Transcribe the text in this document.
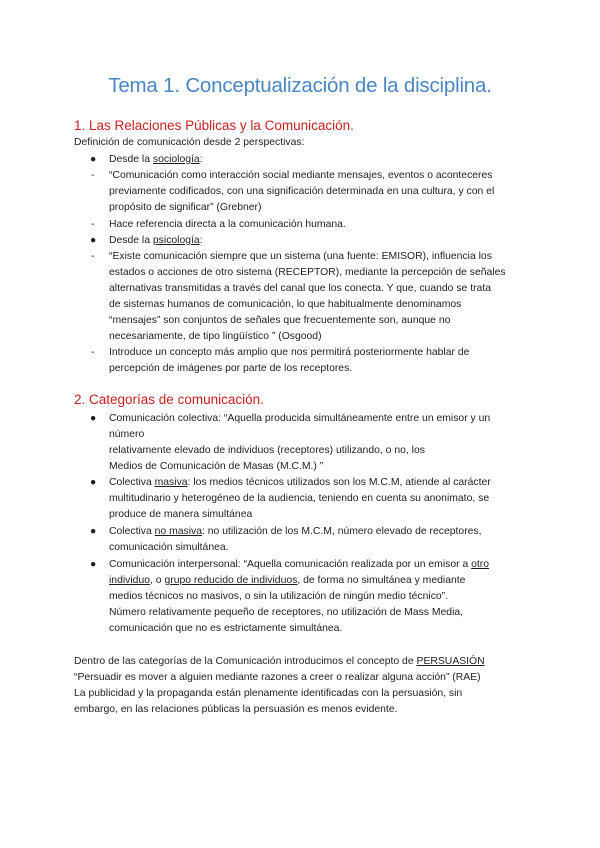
Tema 1. Conceptualización de la disciplina.
1. Las Relaciones Públicas y la Comunicación.

Definición de comunicación desde 2 perspectivas:

● Desde la sociología:
- “Comunicación como interacción social mediante mensajes, eventos o aconteceres
previamente codificados, con una significación determinada en una cultura, y con el
propósito de significar” (Grebner)
- Hace referencia directa a la comunicación humana.
● Desde la psicología:
- “Existe comunicación siempre que un sistema (una fuente: EMISOR), influencia los
estados o acciones de otro sistema (RECEPTOR), mediante la percepción de señales
alternativas transmitidas a través del canal que los conecta. Y que, cuando se trata
de sistemas humanos de comunicación, lo que habitualmente denominamos
“mensajes” son conjuntos de señales que frecuentemente son, aunque no
necesariamente, de tipo lingüístico ” (Osgood)
- Introduce un concepto más amplio que nos permitirá posteriormente hablar de
percepción de imágenes por parte de los receptores.
2. Categorías de comunicación.
● Comunicación colectiva: “Aquella producida simultáneamente entre un emisor y un
número
relativamente elevado de individuos (receptores) utilizando, o no, los
Medios de Comunicación de Masas (M.C.M.) ”
● Colectiva masiva: los medios técnicos utilizados son los M.C.M, atiende al carácter
multitudinario y heterogéneo de la audiencia, teniendo en cuenta su anonimato, se
produce de manera simultánea
● Colectiva no masiva: no utilización de los M.C.M, número elevado de receptores,
comunicación simultánea.
● Comunicación interpersonal: “Aquella comunicación realizada por un emisor a otro
individuo, o grupo reducido de individuos, de forma no simultánea y mediante
medios técnicos no masivos, o sin la utilización de ningún medio técnico”.
Número relativamente pequeño de receptores, no utilización de Mass Media,
comunicación que no es estrictamente simultánea.
Dentro de las categorías de la Comunicación introducimos el concepto de PERSUASIÓN
“Persuadir es mover a alguien mediante razones a creer o realizar alguna acción” (RAE)
La publicidad y la propaganda están plenamente identificadas con la persuasión, sin
embargo, en las relaciones públicas la persuasión es menos evidente.
